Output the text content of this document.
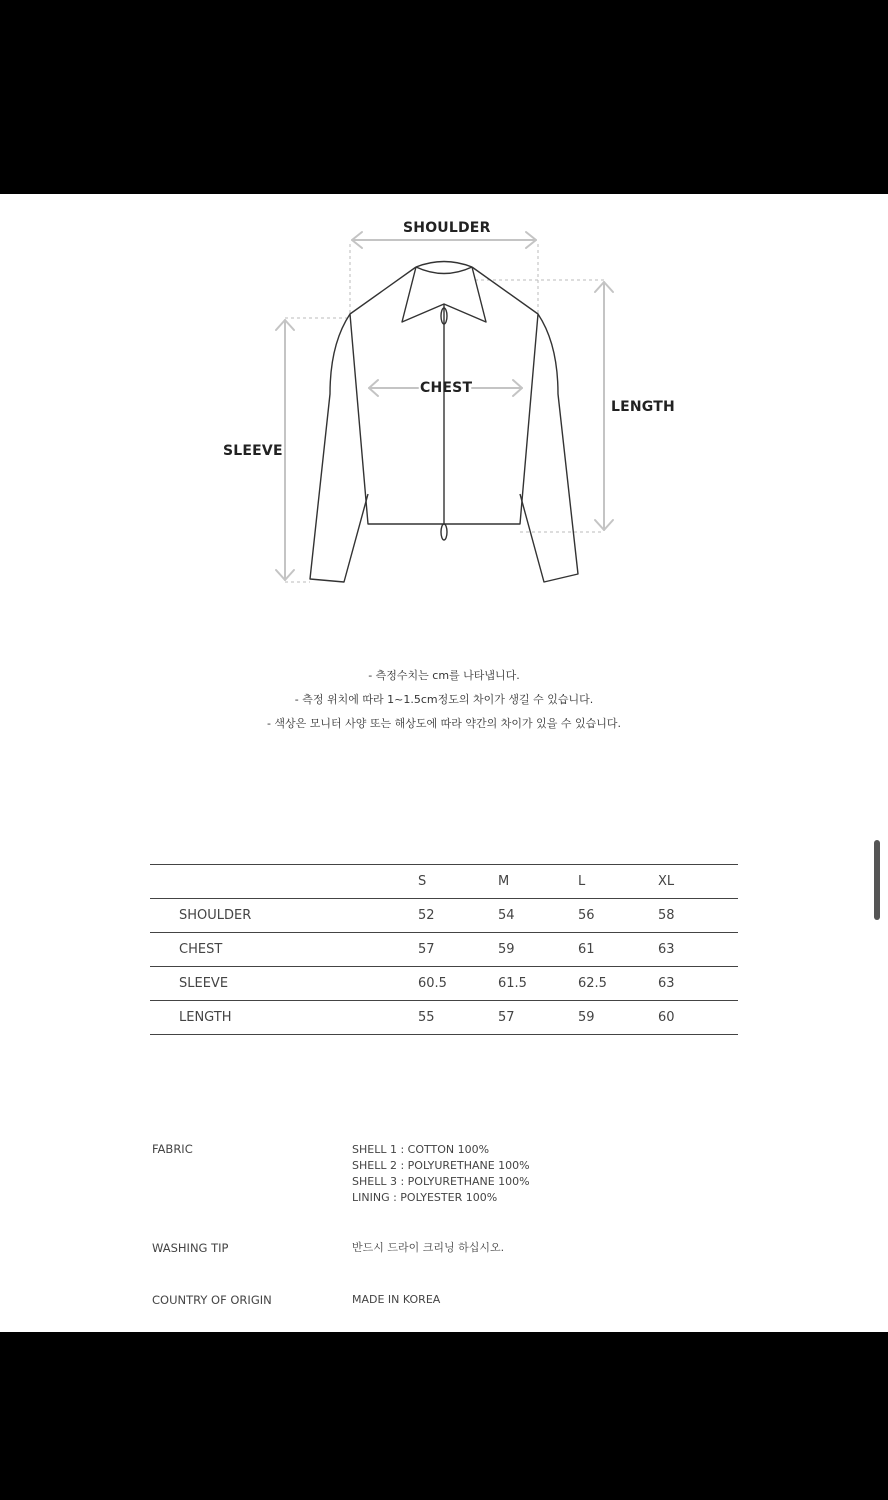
SHOULDER
CHEST
LENGTH
SLEEVE
- 측정수치는 cm를 나타냅니다.
- 측정 위치에 따라 1~1.5cm정도의 차이가 생길 수 있습니다.
- 색상은 모니터 사양 또는 해상도에 따라 약간의 차이가 있을 수 있습니다.
	S	M	L	XL
SHOULDER	52	54	56	58
CHEST	57	59	61	63
SLEEVE	60.5	61.5	62.5	63
LENGTH	55	57	59	60
FABRIC	SHELL 1 : COTTON 100%
SHELL 2 : POLYURETHANE 100%
SHELL 3 : POLYURETHANE 100%
LINING : POLYESTER 100%
WASHING TIP	반드시 드라이 크리닝 하십시오.
COUNTRY OF ORIGIN	MADE IN KOREA
